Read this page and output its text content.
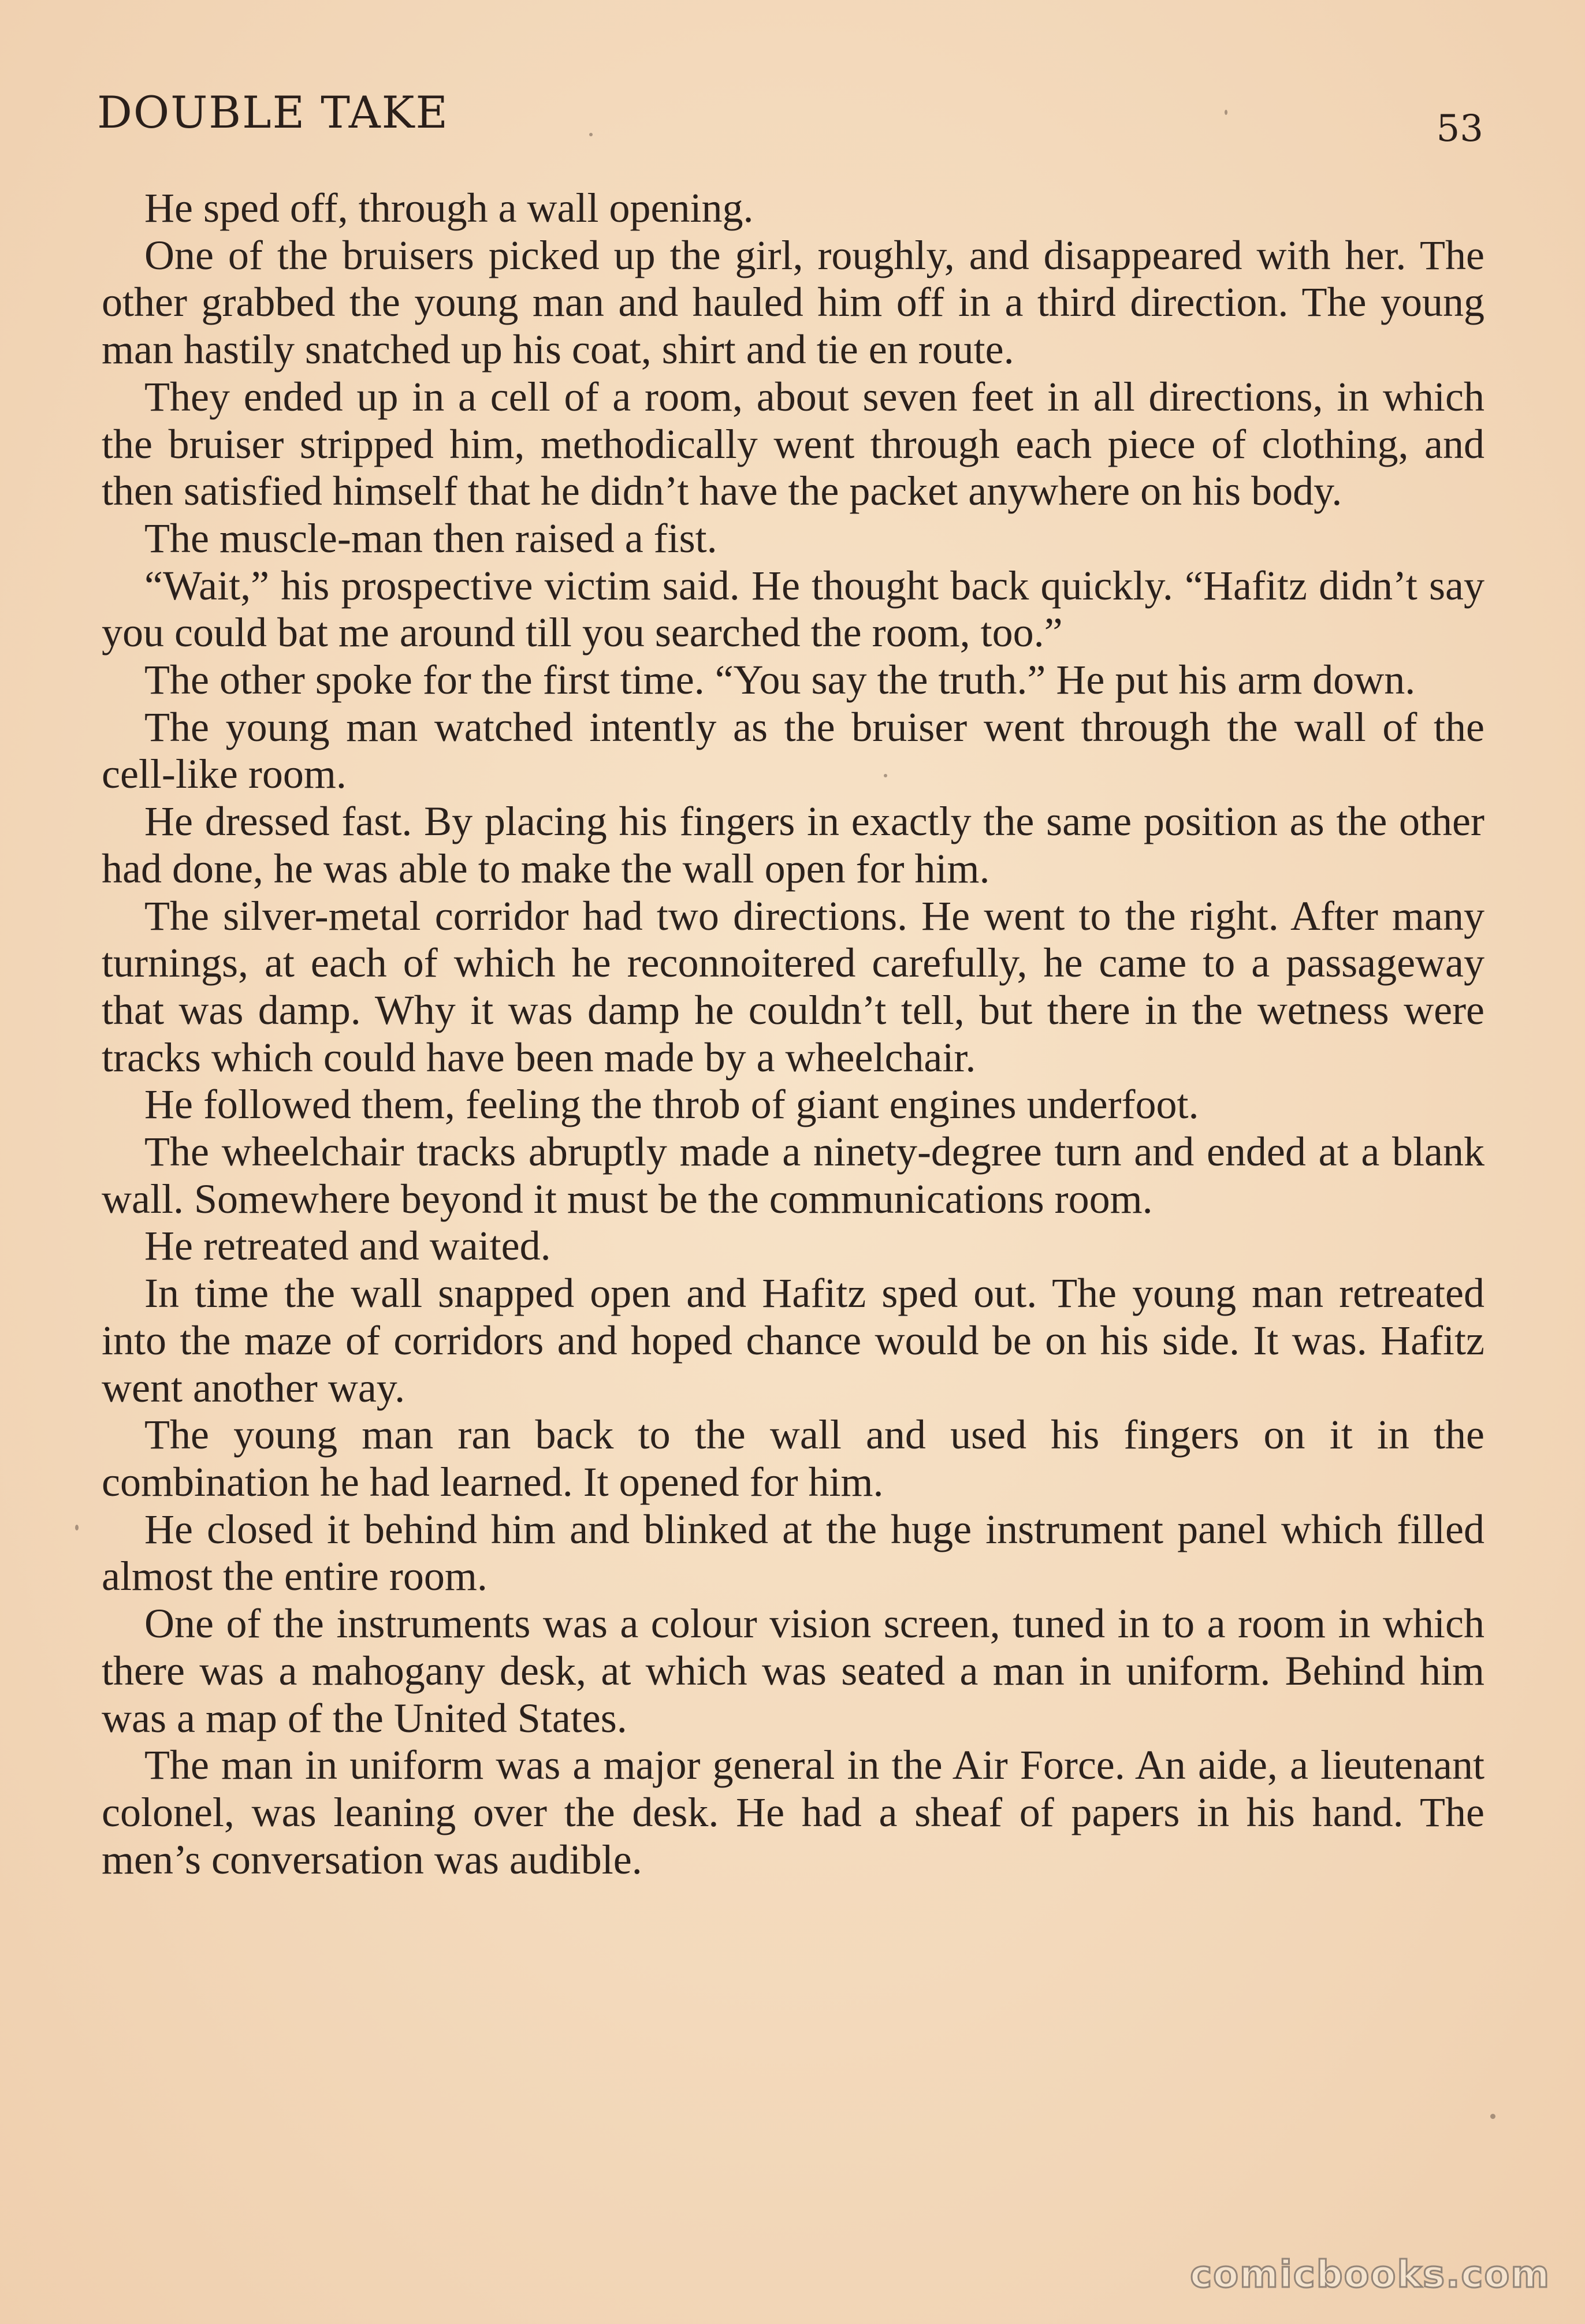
DOUBLE TAKE	53

He sped off, through a wall opening.

One of the bruisers picked up the girl, roughly, and disappeared with her. The other grabbed the young man and hauled him off in a third direction. The young man hastily snatched up his coat, shirt and tie en route.

They ended up in a cell of a room, about seven feet in all directions, in which the bruiser stripped him, methodically went through each piece of clothing, and then satisfied himself that he didn’t have the packet anywhere on his body.

The muscle-man then raised a fist.

“Wait,” his prospective victim said. He thought back quickly. “Hafitz didn’t say you could bat me around till you searched the room, too.”

The other spoke for the first time. “You say the truth.” He put his arm down.

The young man watched intently as the bruiser went through the wall of the cell-like room.

He dressed fast. By placing his fingers in exactly the same position as the other had done, he was able to make the wall open for him.

The silver-metal corridor had two directions. He went to the right. After many turnings, at each of which he reconnoitered carefully, he came to a passageway that was damp. Why it was damp he couldn’t tell, but there in the wetness were tracks which could have been made by a wheelchair.

He followed them, feeling the throb of giant engines underfoot.

The wheelchair tracks abruptly made a ninety-degree turn and ended at a blank wall. Somewhere beyond it must be the communications room.

He retreated and waited.

In time the wall snapped open and Hafitz sped out. The young man retreated into the maze of corridors and hoped chance would be on his side. It was. Hafitz went another way.

The young man ran back to the wall and used his fingers on it in the combination he had learned. It opened for him.

He closed it behind him and blinked at the huge instrument panel which filled almost the entire room.

One of the instruments was a colour vision screen, tuned in to a room in which there was a mahogany desk, at which was seated a man in uniform. Behind him was a map of the United States.

The man in uniform was a major general in the Air Force. An aide, a lieutenant colonel, was leaning over the desk. He had a sheaf of papers in his hand. The men’s conversation was audible.

comicbooks.com
